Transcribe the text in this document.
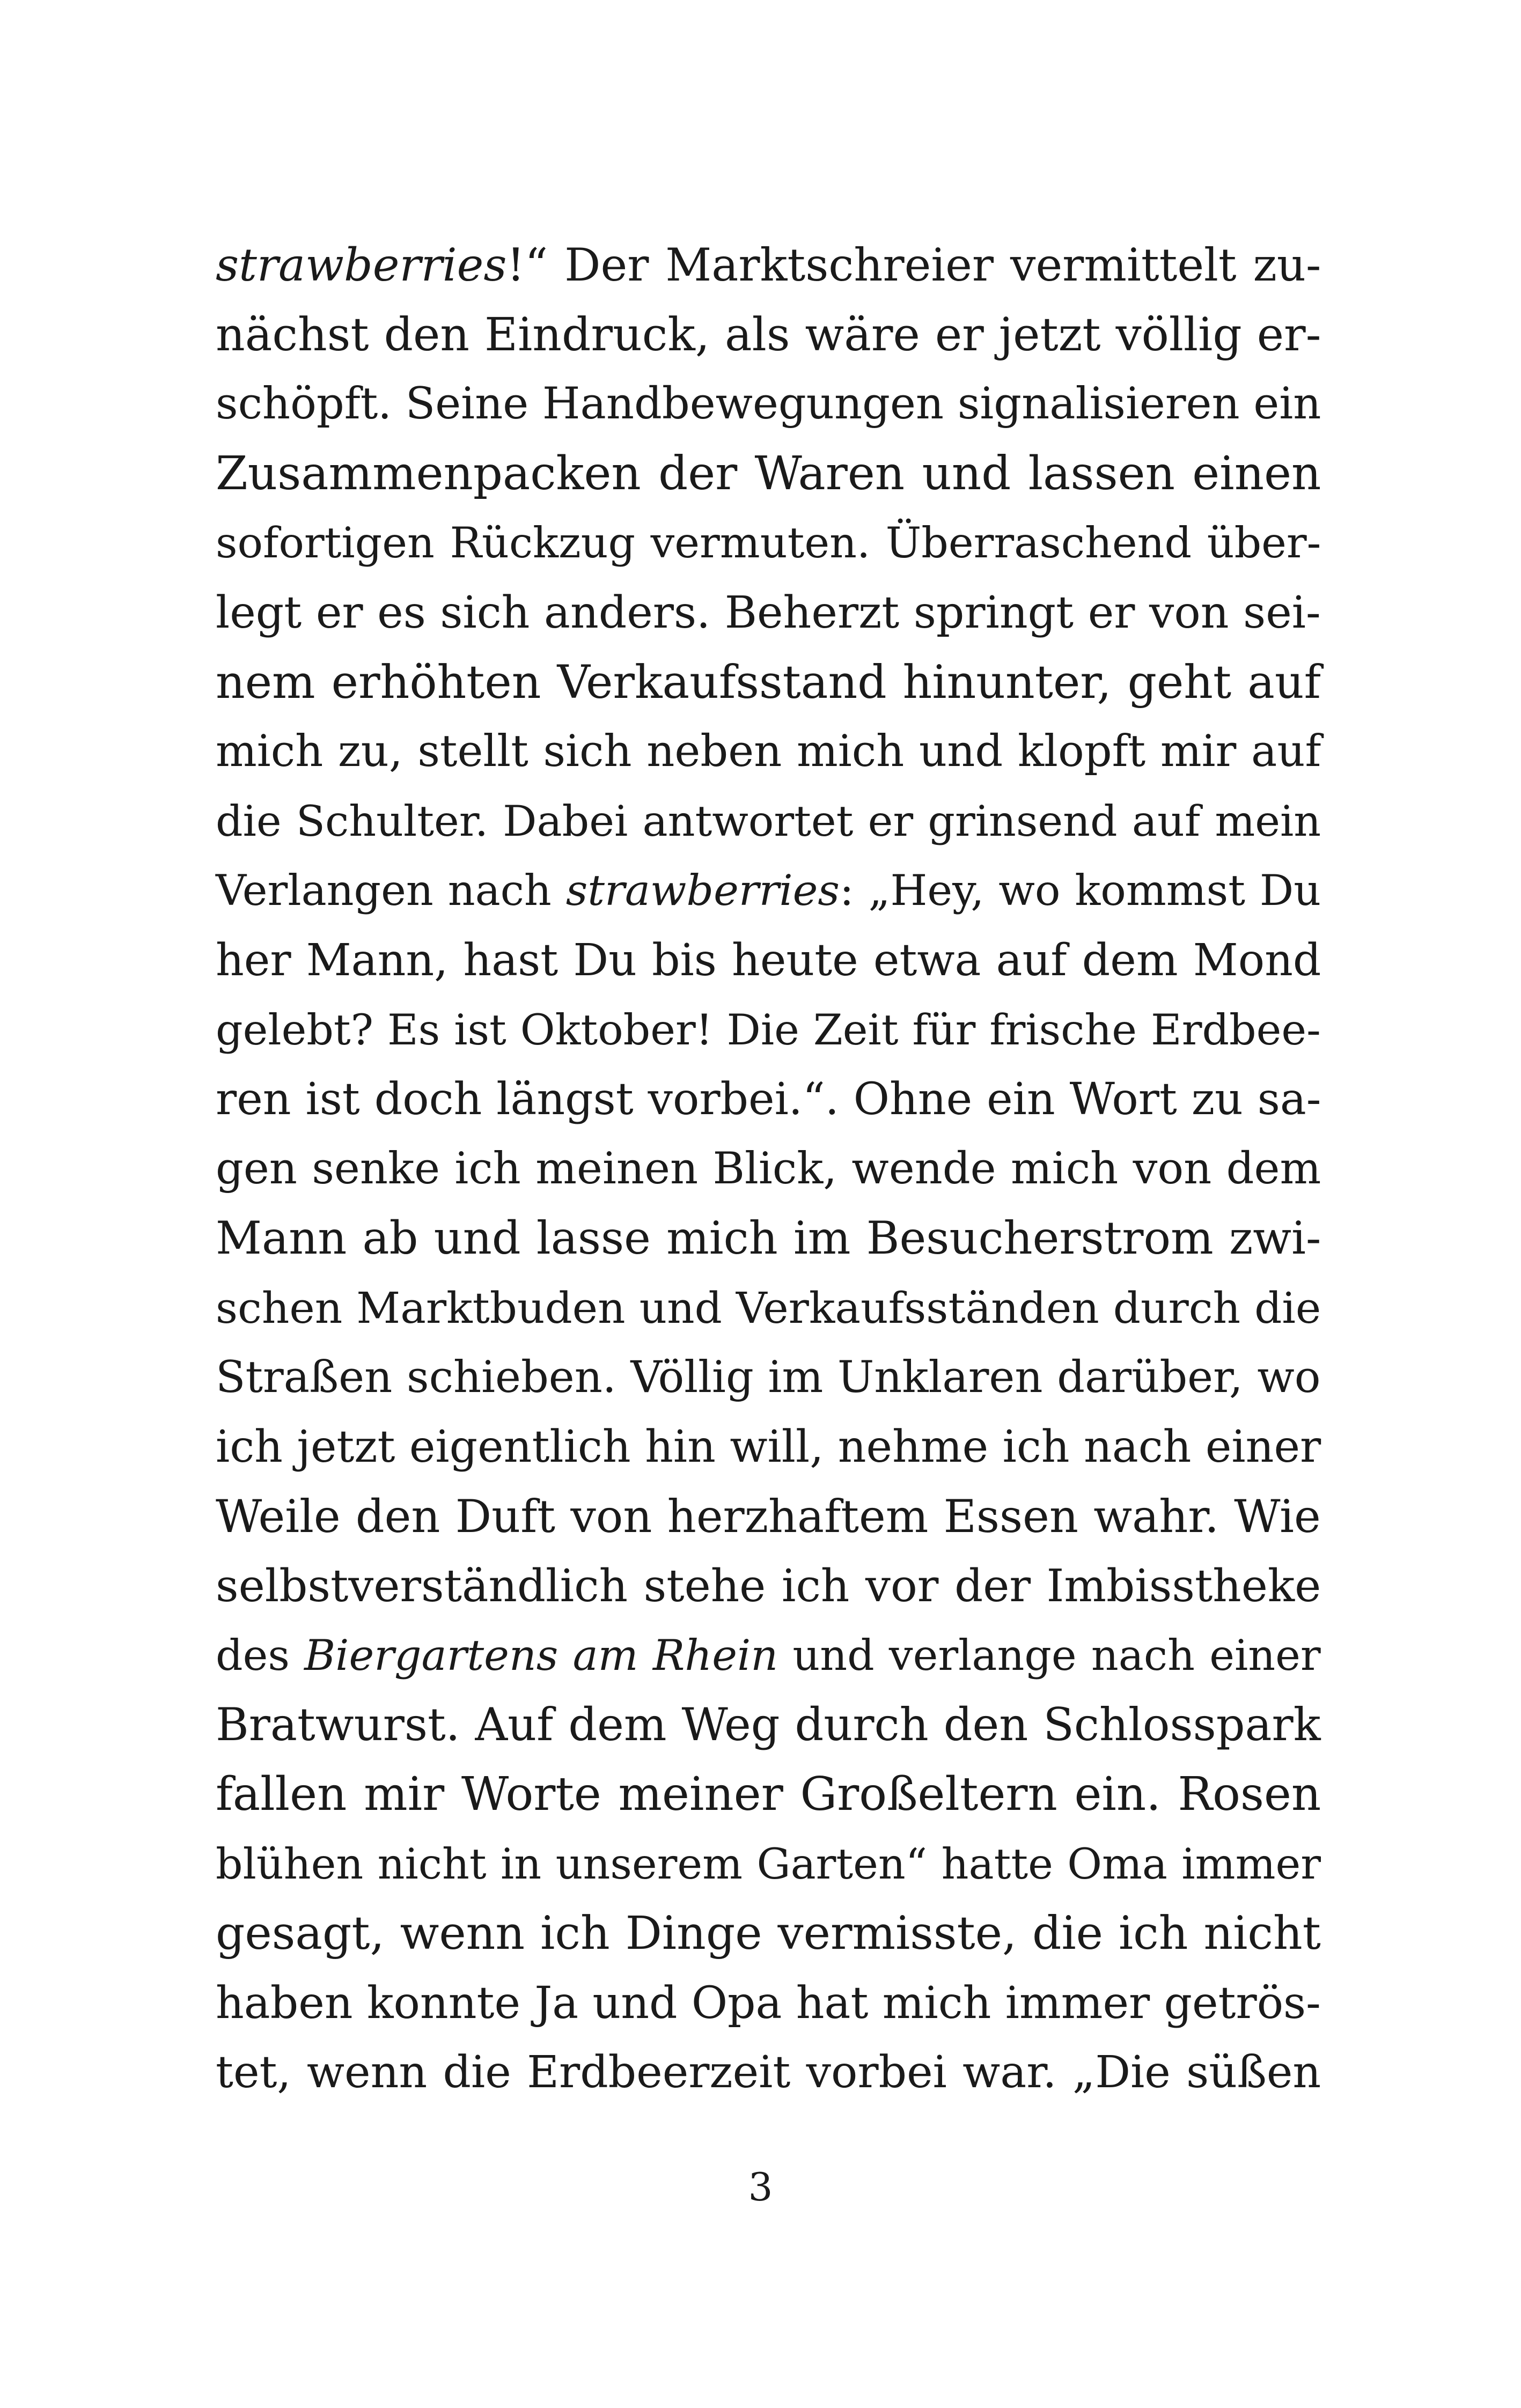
strawberries!“ Der Marktschreier vermittelt zu-
nächst den Eindruck, als wäre er jetzt völlig er-
schöpft. Seine Handbewegungen signalisieren ein
Zusammenpacken der Waren und lassen einen
sofortigen Rückzug vermuten. Überraschend über-
legt er es sich anders. Beherzt springt er von sei-
nem erhöhten Verkaufsstand hinunter, geht auf
mich zu, stellt sich neben mich und klopft mir auf
die Schulter. Dabei antwortet er grinsend auf mein
Verlangen nach strawberries: „Hey, wo kommst Du
her Mann, hast Du bis heute etwa auf dem Mond
gelebt? Es ist Oktober! Die Zeit für frische Erdbee-
ren ist doch längst vorbei.“. Ohne ein Wort zu sa-
gen senke ich meinen Blick, wende mich von dem
Mann ab und lasse mich im Besucherstrom zwi-
schen Marktbuden und Verkaufsständen durch die
Straßen schieben. Völlig im Unklaren darüber, wo
ich jetzt eigentlich hin will, nehme ich nach einer
Weile den Duft von herzhaftem Essen wahr. Wie
selbstverständlich stehe ich vor der Imbisstheke
des Biergartens am Rhein und verlange nach einer
Bratwurst. Auf dem Weg durch den Schlosspark
fallen mir Worte meiner Großeltern ein. Rosen
blühen nicht in unserem Garten“ hatte Oma immer
gesagt, wenn ich Dinge vermisste, die ich nicht
haben konnte Ja und Opa hat mich immer getrös-
tet, wenn die Erdbeerzeit vorbei war. „Die süßen
3
